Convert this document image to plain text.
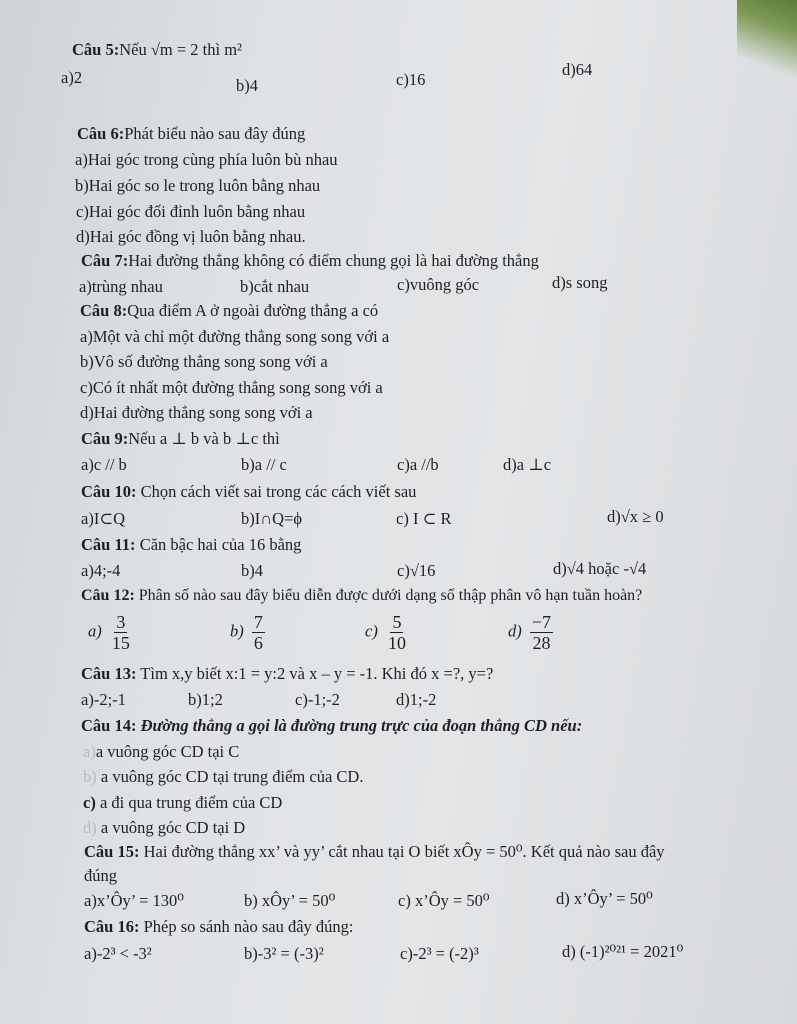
Câu 5:Nếu √m = 2 thì m²
a)2	b)4	c)16
d)64
Câu 6:Phát biểu nào sau đây đúng
a)Hai góc trong cùng phía luôn bù nhau
b)Hai góc so le trong luôn bằng nhau
c)Hai góc đối đỉnh luôn bằng nhau
d)Hai góc đồng vị luôn bằng nhau.
Câu 7:Hai đường thẳng không có điểm chung gọi là hai đường thẳng
a)trùng nhau	b)cắt nhau	c)vuông góc	d)s song
Câu 8:Qua điểm A ở ngoài đường thẳng a có
a)Một và chỉ một đường thẳng song song với a
b)Vô số đường thẳng song song với a
c)Có ít nhất một đường thẳng song song với a
d)Hai đường thẳng song song với a
Câu 9:Nếu a ⊥ b và b ⊥c thì
a)c // b	b)a // c	c)a //b	d)a ⊥c
Câu 10: Chọn cách viết sai trong các cách viết sau
a)I⊂Q	b)I∩Q=ϕ	c) I ⊂ R	d)√x ≥ 0
Câu 11: Căn bậc hai của 16 bằng
a)4;-4	b)4	c)√16	d)√4 hoặc -√4
Câu 12: Phân số nào sau đây biểu diễn được dưới dạng số thập phân vô hạn tuần hoàn?
$a) \frac{3}{15}$	$b) \frac{7}{6}$	$c) \frac{5}{10}$	$d) \frac{-7}{28}$
Câu 13: Tìm x,y biết x:1 = y:2 và x – y = -1. Khi đó x =?, y=?
a)-2;-1	b)1;2	c)-1;-2	d)1;-2
Câu 14: Đường thẳng a gọi là đường trung trực của đoạn thẳng CD nếu:
a)a vuông góc CD tại C
b) a vuông góc CD tại trung điểm của CD.
c) a đi qua trung điểm của CD
d) a vuông góc CD tại D
Câu 15: Hai đường thẳng xx’ và yy’ cắt nhau tại O biết xÔy = 50⁰. Kết quả nào sau đây
đúng
a)x’Ôy’ = 130⁰	b) xÔy’ = 50⁰	c) x’Ôy = 50⁰	d) x’Ôy’ = 50⁰
Câu 16: Phép so sánh nào sau đây đúng:
a)-2³ < -3²	b)-3² = (-3)²	c)-2³ = (-2)³	d) (-1)²⁰²¹ = 2021⁰
